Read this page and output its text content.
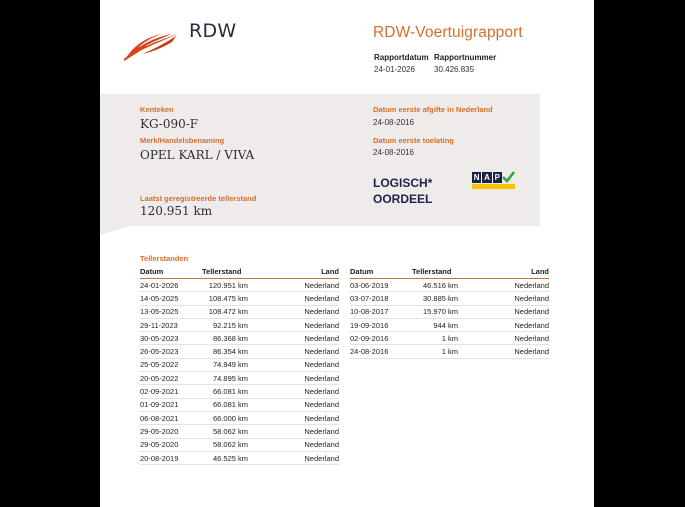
RDW	RDW-Voertuigrapport
Rapportdatum
24-01-2026
Rapportnummer
30.426.835
Kenteken
KG-090-F
Merk/Handelsbenaming
OPEL KARL / VIVA
Laatst geregistreerde tellerstand
120.951 km
Datum eerste afgifte in Nederland
24-08-2016
Datum eerste toelating
24-08-2016
LOGISCH*
OORDEEL
N A P
Tellerstanden
Datum	Tellerstand	Land
24-01-2026	120.951 km	Nederland
14-05-2025	108.475 km	Nederland
13-05-2025	108.472 km	Nederland
29-11-2023	92.215 km	Nederland
30-05-2023	86.368 km	Nederland
26-05-2023	86.354 km	Nederland
25-05-2022	74.949 km	Nederland
20-05-2022	74.895 km	Nederland
02-09-2021	66.081 km	Nederland
01-09-2021	66.081 km	Nederland
06-08-2021	66.000 km	Nederland
29-05-2020	58.062 km	Nederland
29-05-2020	58.062 km	Nederland
20-08-2019	46.525 km	Nederland
Datum	Tellerstand	Land
03-06-2019	46.516 km	Nederland
03-07-2018	30.885 km	Nederland
10-08-2017	15.970 km	Nederland
19-09-2016	944 km	Nederland
02-09-2016	1 km	Nederland
24-08-2016	1 km	Nederland
